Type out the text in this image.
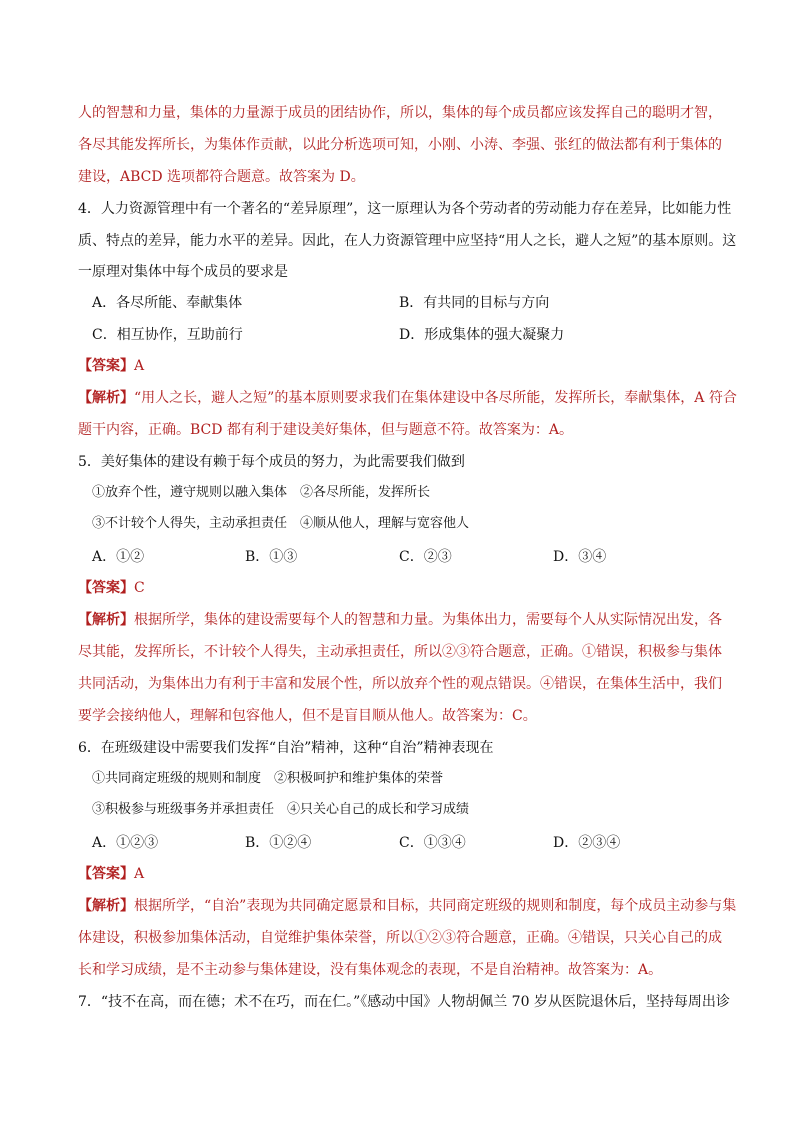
人的智慧和力量，集体的力量源于成员的团结协作，所以，集体的每个成员都应该发挥自己的聪明才智，
各尽其能发挥所长，为集体作贡献，以此分析选项可知，小刚、小涛、李强、张红的做法都有利于集体的
建设，ABCD 选项都符合题意。故答案为 D。
4．人力资源管理中有一个著名的“差异原理”，这一原理认为各个劳动者的劳动能力存在差异，比如能力性
质、特点的差异，能力水平的差异。因此，在人力资源管理中应坚持“用人之长，避人之短”的基本原则。这
一原理对集体中每个成员的要求是
A．各尽所能、奉献集体	B．有共同的目标与方向
C．相互协作，互助前行	D．形成集体的强大凝聚力
【答案】A
【解析】“用人之长，避人之短”的基本原则要求我们在集体建设中各尽所能，发挥所长，奉献集体，A 符合
题干内容，正确。BCD 都有利于建设美好集体，但与题意不符。故答案为：A。
5．美好集体的建设有赖于每个成员的努力，为此需要我们做到
①放弃个性，遵守规则以融入集体　②各尽所能，发挥所长
③不计较个人得失，主动承担责任　④顺从他人，理解与宽容他人
A．①②	B．①③	C．②③	D．③④
【答案】C
【解析】根据所学，集体的建设需要每个人的智慧和力量。为集体出力，需要每个人从实际情况出发，各
尽其能，发挥所长，不计较个人得失，主动承担责任，所以②③符合题意，正确。①错误，积极参与集体
共同活动，为集体出力有利于丰富和发展个性，所以放弃个性的观点错误。④错误，在集体生活中，我们
要学会接纳他人，理解和包容他人，但不是盲目顺从他人。故答案为：C。
6．在班级建设中需要我们发挥“自治”精神，这种“自治”精神表现在
①共同商定班级的规则和制度　②积极呵护和维护集体的荣誉
③积极参与班级事务并承担责任　④只关心自己的成长和学习成绩
A．①②③	B．①②④	C．①③④	D．②③④
【答案】A
【解析】根据所学，“自治”表现为共同确定愿景和目标，共同商定班级的规则和制度，每个成员主动参与集
体建设，积极参加集体活动，自觉维护集体荣誉，所以①②③符合题意，正确。④错误，只关心自己的成
长和学习成绩，是不主动参与集体建设，没有集体观念的表现，不是自治精神。故答案为：A。
7．“技不在高，而在德；术不在巧，而在仁。”《感动中国》人物胡佩兰 70 岁从医院退休后，坚持每周出诊
